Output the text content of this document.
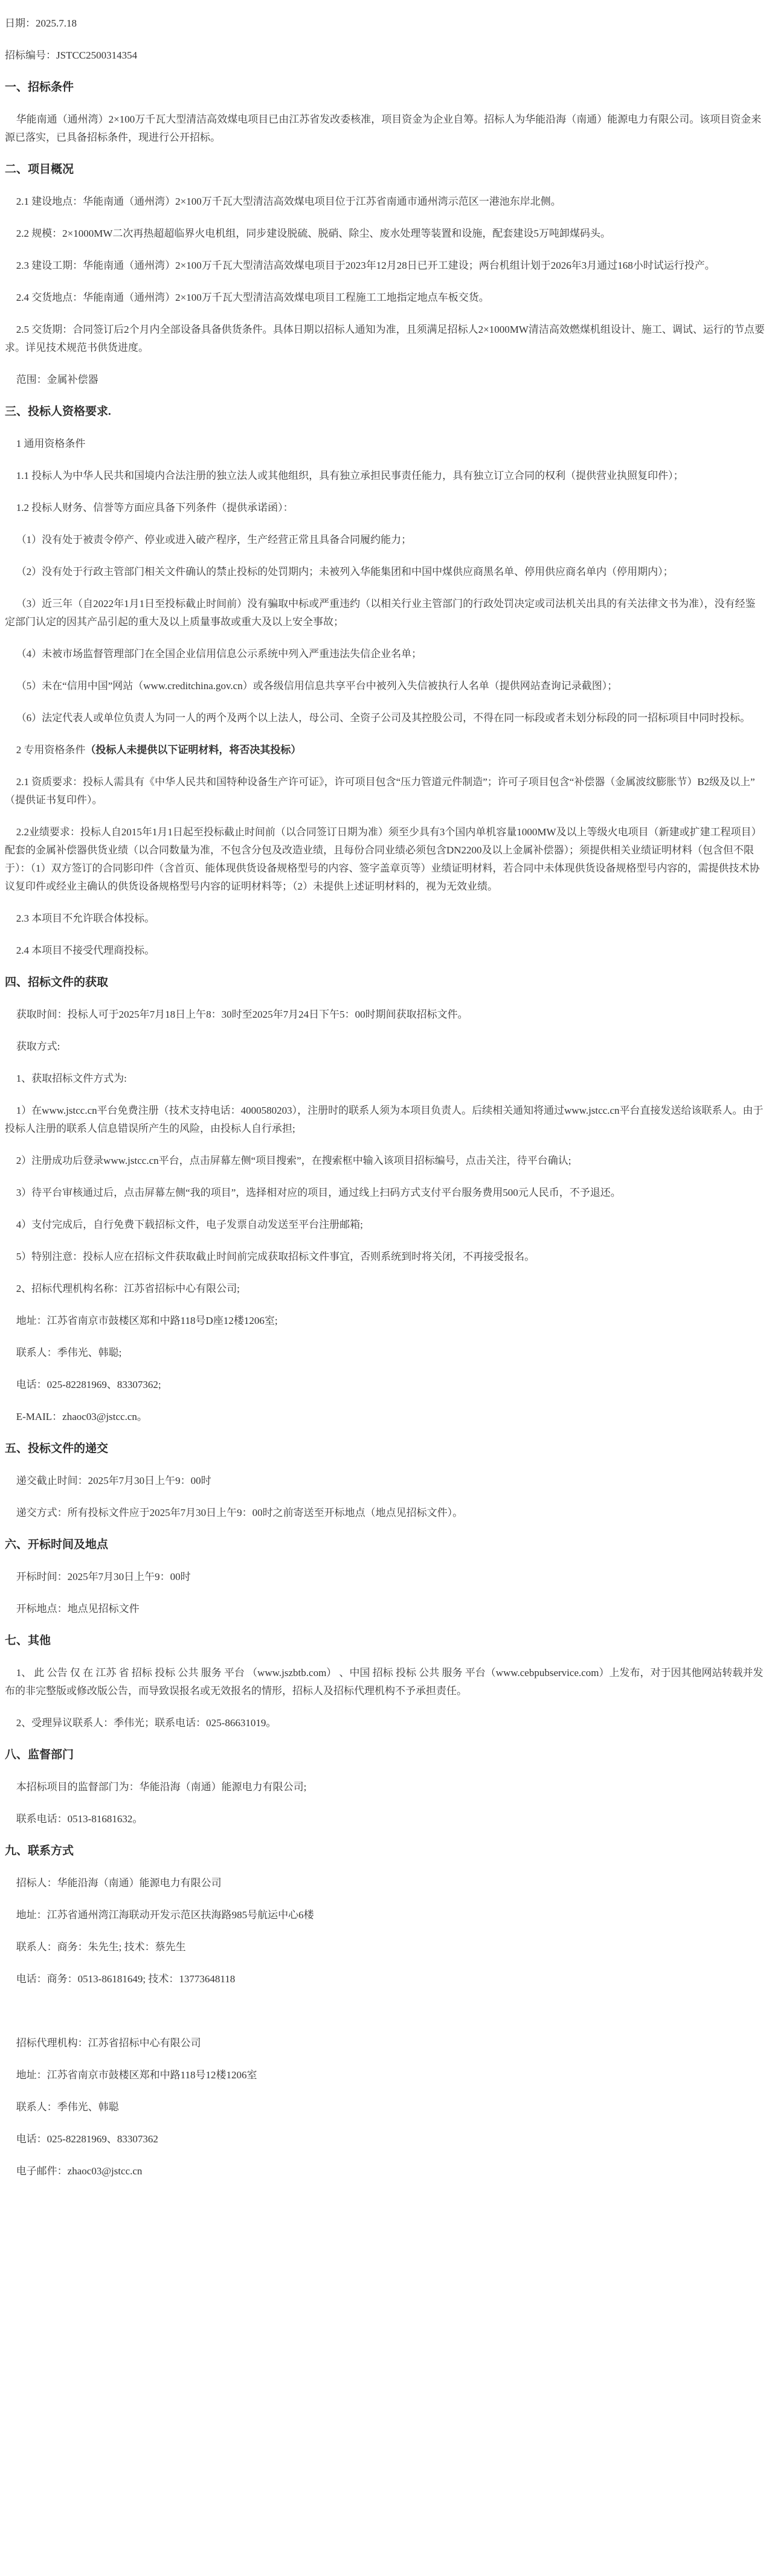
日期：2025.7.18

招标编号：JSTCC2500314354

一、招标条件

华能南通（通州湾）2×100万千瓦大型清洁高效煤电项目已由江苏省发改委核准，项目资金为企业自筹。招标人为华能沿海（南通）能源电力有限公司。该项目资金来源已落实，已具备招标条件，现进行公开招标。

二、项目概况

2.1 建设地点：华能南通（通州湾）2×100万千瓦大型清洁高效煤电项目位于江苏省南通市通州湾示范区一港池东岸北侧。

2.2 规模：2×1000MW二次再热超超临界火电机组，同步建设脱硫、脱硝、除尘、废水处理等装置和设施，配套建设5万吨卸煤码头。

2.3 建设工期：华能南通（通州湾）2×100万千瓦大型清洁高效煤电项目于2023年12月28日已开工建设；两台机组计划于2026年3月通过168小时试运行投产。

2.4 交货地点：华能南通（通州湾）2×100万千瓦大型清洁高效煤电项目工程施工工地指定地点车板交货。

2.5 交货期：合同签订后2个月内全部设备具备供货条件。具体日期以招标人通知为准，且须满足招标人2×1000MW清洁高效燃煤机组设计、施工、调试、运行的节点要求。详见技术规范书供货进度。

范围：金属补偿器

三、投标人资格要求.

1 通用资格条件

1.1 投标人为中华人民共和国境内合法注册的独立法人或其他组织，具有独立承担民事责任能力，具有独立订立合同的权利（提供营业执照复印件）；

1.2 投标人财务、信誉等方面应具备下列条件（提供承诺函）：

（1）没有处于被责令停产、停业或进入破产程序，生产经营正常且具备合同履约能力；

（2）没有处于行政主管部门相关文件确认的禁止投标的处罚期内；未被列入华能集团和中国中煤供应商黑名单、停用供应商名单内（停用期内）；

（3）近三年（自2022年1月1日至投标截止时间前）没有骗取中标或严重违约（以相关行业主管部门的行政处罚决定或司法机关出具的有关法律文书为准），没有经鉴定部门认定的因其产品引起的重大及以上质量事故或重大及以上安全事故；

（4）未被市场监督管理部门在全国企业信用信息公示系统中列入严重违法失信企业名单；

（5）未在“信用中国”网站（www.creditchina.gov.cn）或各级信用信息共享平台中被列入失信被执行人名单（提供网站查询记录截图）；

（6）法定代表人或单位负责人为同一人的两个及两个以上法人，母公司、全资子公司及其控股公司，不得在同一标段或者未划分标段的同一招标项目中同时投标。

2 专用资格条件（投标人未提供以下证明材料，将否决其投标）

2.1 资质要求：投标人需具有《中华人民共和国特种设备生产许可证》，许可项目包含“压力管道元件制造”；许可子项目包含“补偿器（金属波纹膨胀节）B2级及以上”（提供证书复印件）。

2.2业绩要求：投标人自2015年1月1日起至投标截止时间前（以合同签订日期为准）须至少具有3个国内单机容量1000MW及以上等级火电项目（新建或扩建工程项目）配套的金属补偿器供货业绩（以合同数量为准，不包含分包及改造业绩，且每份合同业绩必须包含DN2200及以上金属补偿器）；须提供相关业绩证明材料（包含但不限于）：（1）双方签订的合同影印件（含首页、能体现供货设备规格型号的内容、签字盖章页等）业绩证明材料，若合同中未体现供货设备规格型号内容的，需提供技术协议复印件或经业主确认的供货设备规格型号内容的证明材料等；（2）未提供上述证明材料的，视为无效业绩。

2.3 本项目不允许联合体投标。

2.4 本项目不接受代理商投标。

四、招标文件的获取

获取时间：投标人可于2025年7月18日上午8：30时至2025年7月24日下午5：00时期间获取招标文件。

获取方式:

1、获取招标文件方式为:

1）在www.jstcc.cn平台免费注册（技术支持电话：4000580203），注册时的联系人须为本项目负责人。后续相关通知将通过www.jstcc.cn平台直接发送给该联系人。由于投标人注册的联系人信息错误所产生的风险，由投标人自行承担;

2）注册成功后登录www.jstcc.cn平台，点击屏幕左侧“项目搜索”，在搜索框中输入该项目招标编号，点击关注，待平台确认;

3）待平台审核通过后，点击屏幕左侧“我的项目”，选择相对应的项目，通过线上扫码方式支付平台服务费用500元人民币，不予退还。

4）支付完成后，自行免费下载招标文件，电子发票自动发送至平台注册邮箱;

5）特别注意：投标人应在招标文件获取截止时间前完成获取招标文件事宜，否则系统到时将关闭，不再接受报名。

2、招标代理机构名称：江苏省招标中心有限公司;

地址：江苏省南京市鼓楼区郑和中路118号D座12楼1206室;

联系人：季伟光、韩聪;

电话：025-82281969、83307362;

E-MAIL：zhaoc03@jstcc.cn。

五、投标文件的递交

递交截止时间：2025年7月30日上午9：00时

递交方式：所有投标文件应于2025年7月30日上午9：00时之前寄送至开标地点（地点见招标文件）。

六、开标时间及地点

开标时间：2025年7月30日上午9：00时

开标地点：地点见招标文件

七、其他

1、 此 公告 仅 在 江苏 省 招标 投标 公共 服务 平台 （www.jszbtb.com） 、中国 招标 投标 公共 服务 平台（www.cebpubservice.com）上发布，对于因其他网站转载并发布的非完整版或修改版公告，而导致误报名或无效报名的情形，招标人及招标代理机构不予承担责任。

2、受理异议联系人：季伟光；联系电话：025-86631019。

八、监督部门

本招标项目的监督部门为：华能沿海（南通）能源电力有限公司;

联系电话：0513-81681632。

九、联系方式

招标人：华能沿海（南通）能源电力有限公司

地址：江苏省通州湾江海联动开发示范区扶海路985号航运中心6楼

联系人：商务：朱先生; 技术：蔡先生

电话：商务：0513-86181649; 技术：13773648118

招标代理机构：江苏省招标中心有限公司

地址：江苏省南京市鼓楼区郑和中路118号12楼1206室

联系人：季伟光、韩聪

电话：025-82281969、83307362

电子邮件：zhaoc03@jstcc.cn
